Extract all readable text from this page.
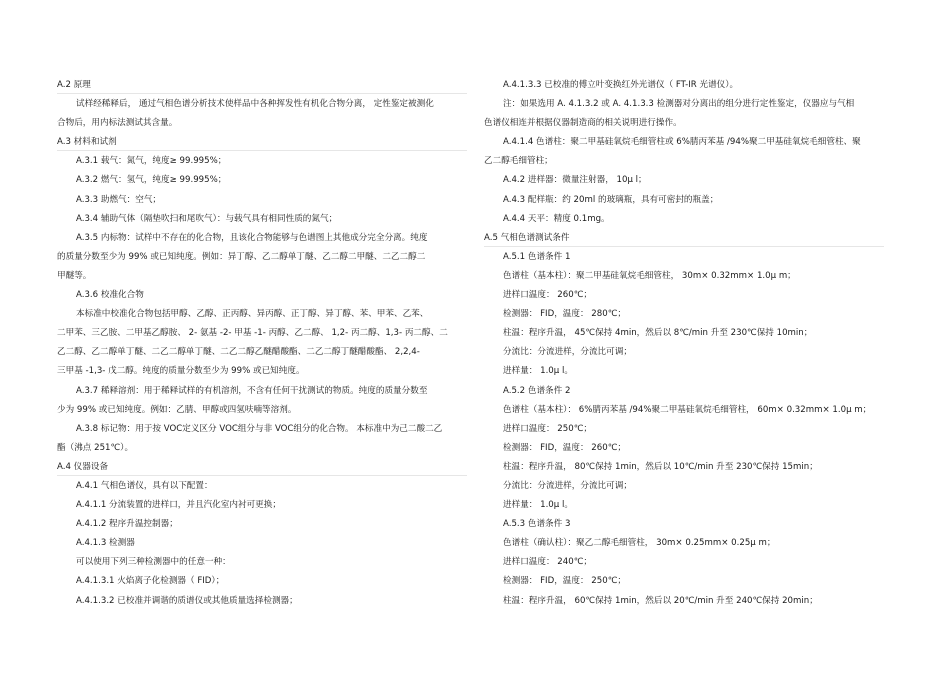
A.2 原理
试样经稀释后， 通过气相色谱分析技术使样品中各种挥发性有机化合物分离， 定性鉴定被测化
合物后，用内标法测试其含量。
A.3 材料和试剂
A.3.1 载气：氮气，纯度≥ 99.995%；
A.3.2 燃气：氢气，纯度≥ 99.995%；
A.3.3 助燃气：空气；
A.3.4 辅助气体（隔垫吹扫和尾吹气）：与载气具有相同性质的氮气；
A.3.5 内标物：试样中不存在的化合物，且该化合物能够与色谱图上其他成分完全分离。纯度
的质量分数至少为 99% 或已知纯度。例如：异丁醇、乙二醇单丁醚、乙二醇二甲醚、二乙二醇二
甲醚等。
A.3.6 校准化合物
本标准中校准化合物包括甲醇、乙醇、正丙醇、异丙醇、正丁醇、异丁醇、苯、甲苯、乙苯、
二甲苯、三乙胺、二甲基乙醇胺、 2- 氨基 -2- 甲基 -1- 丙醇、乙二醇、 1,2- 丙二醇、1,3- 丙二醇、二
乙二醇、乙二醇单丁醚、二乙二醇单丁醚、二乙二醇乙醚醋酸酯、二乙二醇丁醚醋酸酯、 2,2,4-
三甲基 -1,3- 戊二醇。纯度的质量分数至少为 99% 或已知纯度。
A.3.7 稀释溶剂：用于稀释试样的有机溶剂，不含有任何干扰测试的物质。纯度的质量分数至
少为 99% 或已知纯度。例如：乙腈、甲醇或四氢呋喃等溶剂。
A.3.8 标记物：用于按 VOC定义区分 VOC组分与非 VOC组分的化合物。 本标准中为己二酸二乙
酯（沸点 251℃）。
A.4 仪器设备
A.4.1 气相色谱仪，具有以下配置：
A.4.1.1 分流装置的进样口，并且汽化室内衬可更换；
A.4.1.2 程序升温控制器；
A.4.1.3 检测器
可以使用下列三种检测器中的任意一种：
A.4.1.3.1 火焰离子化检测器（ FID）；
A.4.1.3.2 已校准并调谐的质谱仪或其他质量选择检测器；
A.4.1.3.3 已校准的傅立叶变换红外光谱仪（ FT-IR 光谱仪）。
注：如果选用 A. 4.1.3.2 或 A. 4.1.3.3 检测器对分离出的组分进行定性鉴定，仪器应与气相
色谱仪相连并根据仪器制造商的相关说明进行操作。
A.4.1.4 色谱柱：聚二甲基硅氧烷毛细管柱或 6%腈丙苯基 /94%聚二甲基硅氧烷毛细管柱、聚
乙二醇毛细管柱；
A.4.2 进样器：微量注射器， 10μ l；
A.4.3 配样瓶：约 20ml 的玻璃瓶，具有可密封的瓶盖；
A.4.4 天平：精度 0.1mg。
A.5 气相色谱测试条件
A.5.1 色谱条件 1
色谱柱（基本柱）：聚二甲基硅氧烷毛细管柱， 30m× 0.32mm× 1.0μ m；
进样口温度： 260℃；
检测器： FID，温度： 280℃；
柱温：程序升温， 45℃保持 4min，然后以 8℃/min 升至 230℃保持 10min；
分流比：分流进样，分流比可调；
进样量： 1.0μ l。
A.5.2 色谱条件 2
色谱柱（基本柱）： 6%腈丙苯基 /94%聚二甲基硅氧烷毛细管柱， 60m× 0.32mm× 1.0μ m；
进样口温度： 250℃；
检测器： FID，温度： 260℃；
柱温：程序升温， 80℃保持 1min，然后以 10℃/min 升至 230℃保持 15min；
分流比：分流进样，分流比可调；
进样量： 1.0μ l。
A.5.3 色谱条件 3
色谱柱（确认柱）：聚乙二醇毛细管柱， 30m× 0.25mm× 0.25μ m；
进样口温度： 240℃；
检测器： FID，温度： 250℃；
柱温：程序升温， 60℃保持 1min，然后以 20℃/min 升至 240℃保持 20min；
